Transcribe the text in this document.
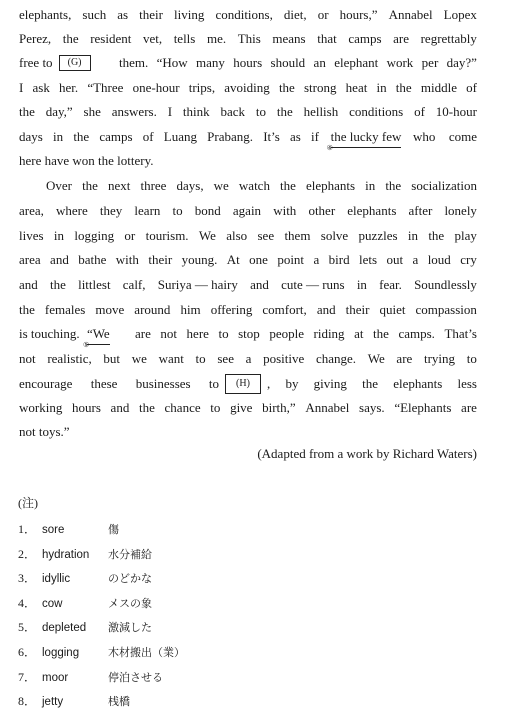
elephants, such as their living conditions, diet, or hours,” Annabel Lopex
Perez, the resident vet, tells me. This means that camps are regrettably
free to	(G)	them. “How many hours should an elephant work per day?”
I ask her. “Three one-hour trips, avoiding the strong heat in the middle of
the day,” she answers. I think back to the hellish conditions of 10-hour
days in the camps of Luang Prabang. It’s as if the lucky few
④
who come
here have won the lottery.
Over the next three days, we watch the elephants in the socialization
area, where they learn to bond again with other elephants after lonely
lives in logging or tourism. We also see them solve puzzles in the play
area and bathe with their young. At one point a bird lets out a loud cry
and the littlest calf, Suriya — hairy and cute — runs in fear. Soundlessly
the females move around him offering comfort, and their quiet compassion
is touching. “We
⑤
are not here to stop people riding at the camps. That’s
not realistic, but we want to see a positive change. We are trying to
encourage these businesses to	(H)	, by giving the elephants less
working hours and the chance to give birth,” Annabel says. “Elephants are
not toys.”
(Adapted from a work by Richard Waters)
(注)
1． sore	傷
2． hydration 水分補給
3． idyllic	のどかな
4． cow	メスの象
5． depleted 激減した
6． logging	木材搬出（業）
7． moor	停泊させる
8． jetty	桟橋
